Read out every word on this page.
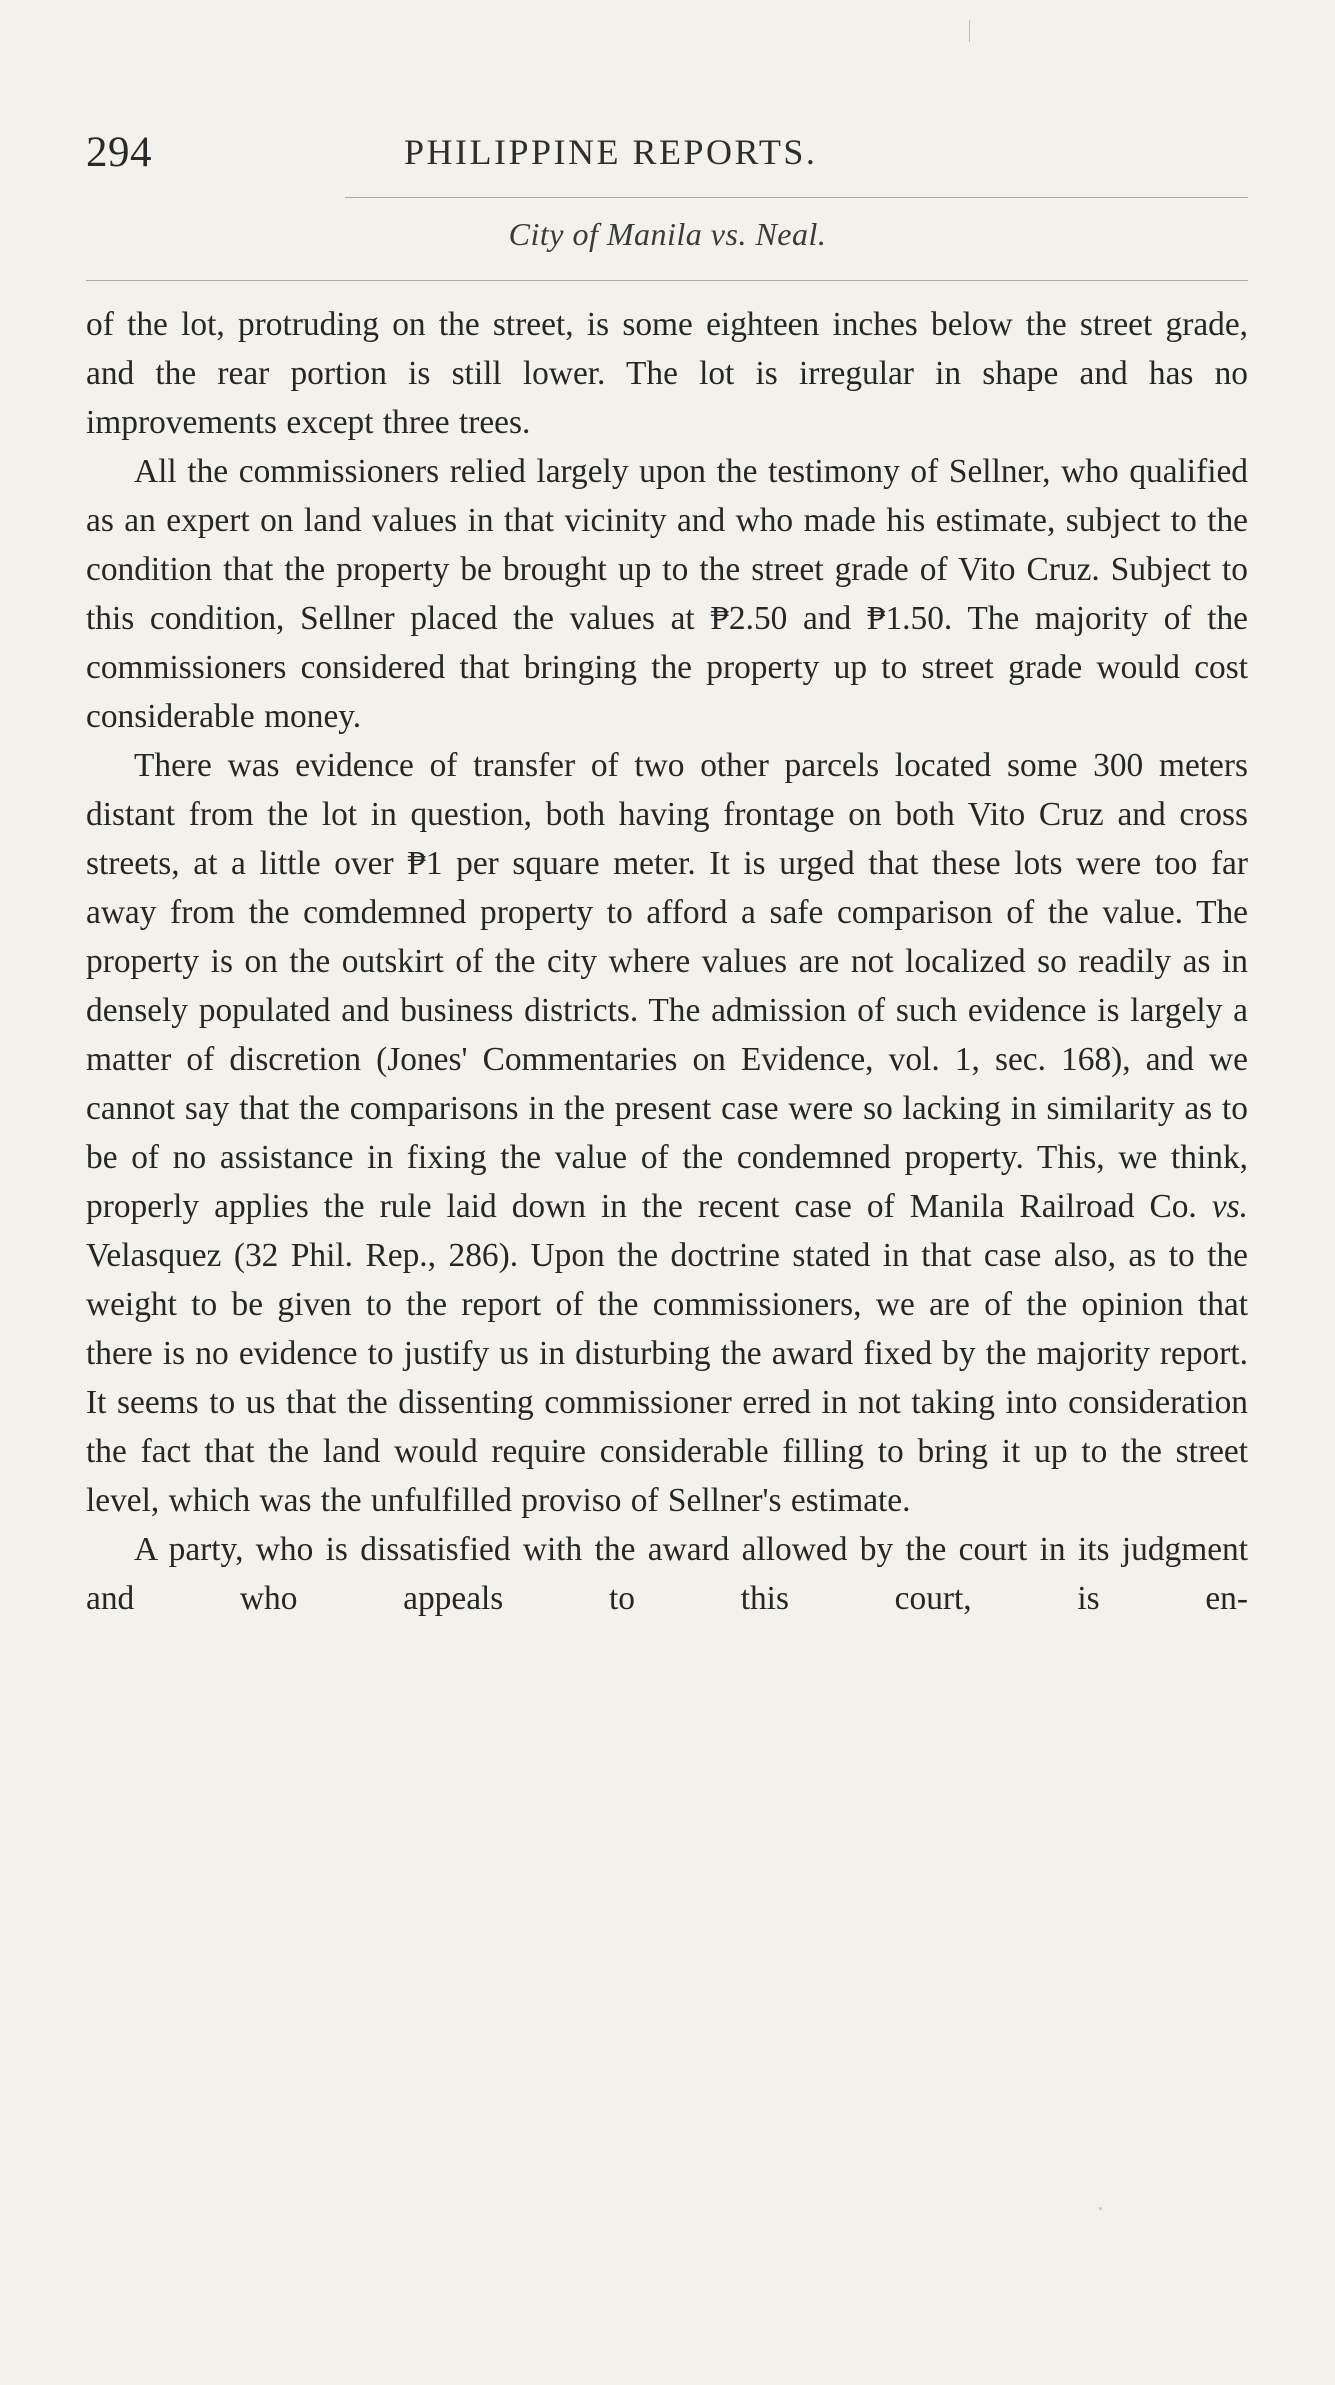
294	PHILIPPINE REPORTS.
City of Manila vs. Neal.

of the lot, protruding on the street, is some eighteen inches below the street grade, and the rear portion is still lower. The lot is irregular in shape and has no improvements except three trees.

All the commissioners relied largely upon the testimony of Sellner, who qualified as an expert on land values in that vicinity and who made his estimate, subject to the condition that the property be brought up to the street grade of Vito Cruz. Subject to this condition, Sellner placed the values at ₱2.50 and ₱1.50. The majority of the commissioners considered that bringing the property up to street grade would cost considerable money.

There was evidence of transfer of two other parcels located some 300 meters distant from the lot in question, both having frontage on both Vito Cruz and cross streets, at a little over ₱1 per square meter. It is urged that these lots were too far away from the comdemned property to afford a safe comparison of the value. The property is on the outskirt of the city where values are not localized so readily as in densely populated and business districts. The admission of such evidence is largely a matter of discretion (Jones' Commentaries on Evidence, vol. 1, sec. 168), and we cannot say that the comparisons in the present case were so lacking in similarity as to be of no assistance in fixing the value of the condemned property. This, we think, properly applies the rule laid down in the recent case of Manila Railroad Co. vs. Velasquez (32 Phil. Rep., 286). Upon the doctrine stated in that case also, as to the weight to be given to the report of the commissioners, we are of the opinion that there is no evidence to justify us in disturbing the award fixed by the majority report. It seems to us that the dissenting commissioner erred in not taking into consideration the fact that the land would require considerable filling to bring it up to the street level, which was the unfulfilled proviso of Sellner's estimate.

A party, who is dissatisfied with the award allowed by the court in its judgment and who appeals to this court, is en-
